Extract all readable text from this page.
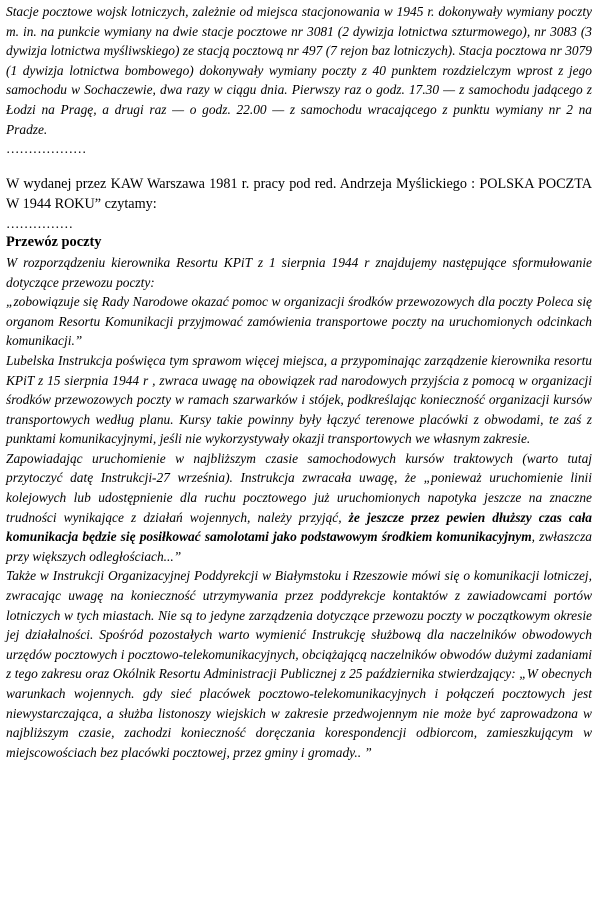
Stacje pocztowe wojsk lotniczych, zależnie od miejsca stacjonowania w 1945 r. dokonywały wymiany poczty m. in. na punkcie wymiany na dwie stacje pocztowe nr 3081 (2 dywizja lotnictwa szturmowego), nr 3083 (3 dywizja lotnictwa myśliwskiego) ze stacją pocztową nr 497 (7 rejon baz lotniczych). Stacja pocztowa nr 3079 (1 dywizja lotnictwa bombowego) dokonywały wymiany poczty z 40 punktem rozdzielczym wprost z jego samochodu w Sochaczewie, dwa razy w ciągu dnia. Pierwszy raz o godz. 17.30 — z samochodu jadącego z Łodzi na Pragę, a drugi raz — o godz. 22.00 — z samochodu wracającego z punktu wymiany nr 2 na Pradze.

………………

W wydanej przez KAW Warszawa 1981 r. pracy pod red. Andrzeja Myślickiego : POLSKA POCZTA W 1944 ROKU” czytamy:

……………

Przewóz poczty

W rozporządzeniu kierownika Resortu KPiT z 1 sierpnia 1944 r znajdujemy następujące sformułowanie dotyczące przewozu poczty:

„zobowiązuje się Rady Narodowe okazać pomoc w organizacji środków przewozowych dla poczty Poleca się organom Resortu Komunikacji przyjmować zamówienia transportowe poczty na uruchomionych odcinkach komunikacji.”

Lubelska Instrukcja poświęca tym sprawom więcej miejsca, a przypominając zarządzenie kierownika resortu KPiT z 15 sierpnia 1944 r , zwraca uwagę na obowiązek rad narodowych przyjścia z pomocą w organizacji środków przewozowych poczty w ramach szarwarków i stójek, podkreślając konieczność organizacji kursów transportowych według planu. Kursy takie powinny były łączyć terenowe placówki z obwodami, te zaś z punktami komunikacyjnymi, jeśli nie wykorzystywały okazji transportowych we własnym zakresie.

Zapowiadając uruchomienie w najbliższym czasie samochodowych kursów traktowych (warto tutaj przytoczyć datę Instrukcji-27 września). Instrukcja zwracała uwagę, że „ponieważ uruchomienie linii kolejowych lub udostępnienie dla ruchu pocztowego już uruchomionych napotyka jeszcze na znaczne trudności wynikające z działań wojennych, należy przyjąć, że jeszcze przez pewien dłuższy czas cała komunikacja będzie się posiłkować samolotami jako podstawowym środkiem komunikacyjnym, zwłaszcza przy większych odległościach...”

Także w Instrukcji Organizacyjnej Poddyrekcji w Białymstoku i Rzeszowie mówi się o komunikacji lotniczej, zwracając uwagę na konieczność utrzymywania przez poddyrekcje kontaktów z zawiadowcami portów lotniczych w tych miastach. Nie są to jedyne zarządzenia dotyczące przewozu poczty w początkowym okresie jej działalności. Spośród pozostałych warto wymienić Instrukcję służbową dla naczelników obwodowych urzędów pocztowych i pocztowo-telekomunikacyjnych, obciążającą naczelników obwodów dużymi zadaniami z tego zakresu oraz Okólnik Resortu Administracji Publicznej z 25 października stwierdzający: „W obecnych warunkach wojennych. gdy sieć placówek pocztowo-telekomunikacyjnych i połączeń pocztowych jest niewystarczająca, a służba listonoszy wiejskich w zakresie przedwojennym nie może być zaprowadzona w najbliższym czasie, zachodzi konieczność doręczania korespondencji odbiorcom, zamieszkującym w miejscowościach bez placówki pocztowej, przez gminy i gromady.. ”
